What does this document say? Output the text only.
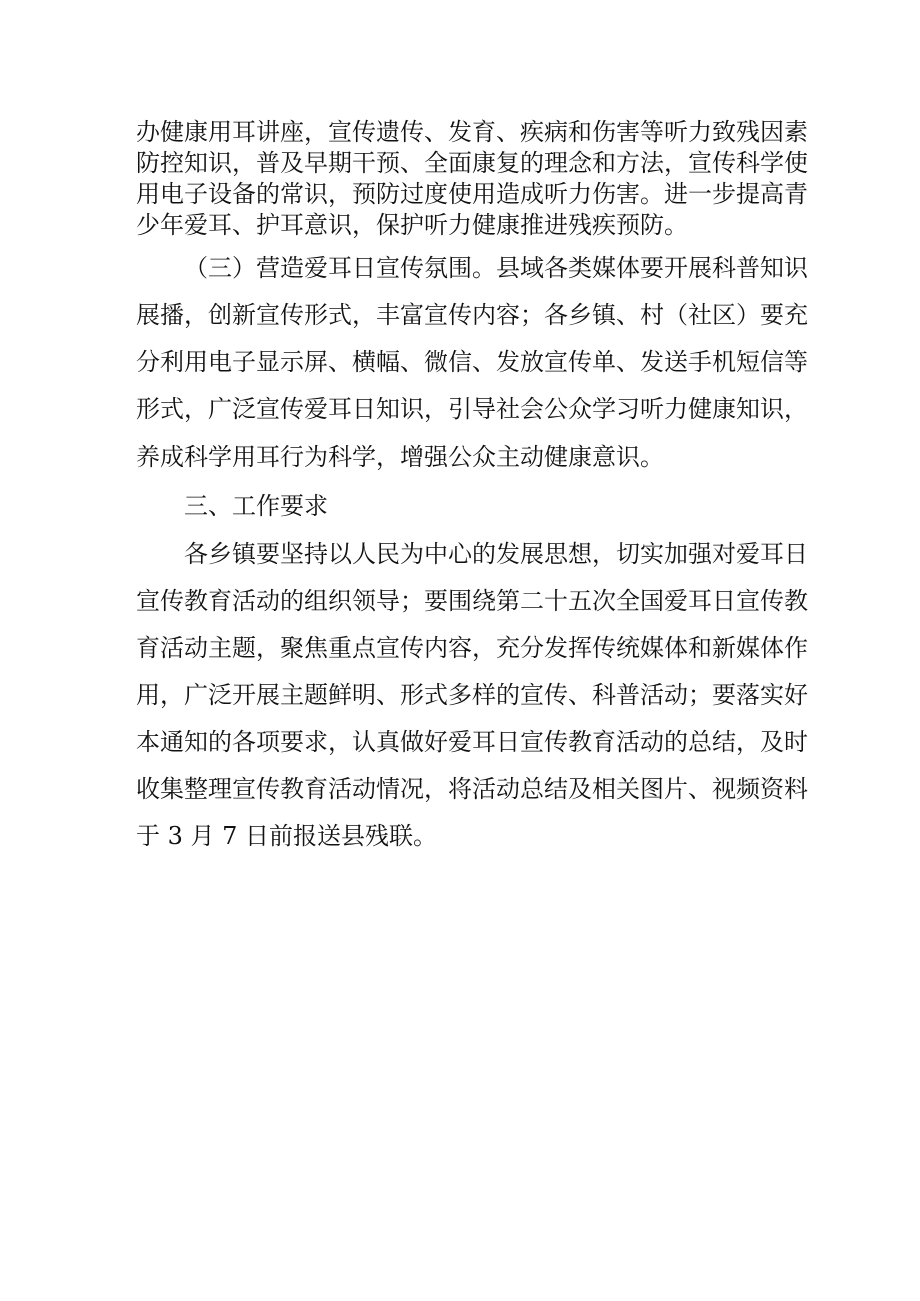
办健康用耳讲座，宣传遗传、发育、疾病和伤害等听力致残因素
防控知识，普及早期干预、全面康复的理念和方法，宣传科学使
用电子设备的常识，预防过度使用造成听力伤害。进一步提高青
少年爱耳、护耳意识，保护听力健康推进残疾预防。
（三）营造爱耳日宣传氛围。县域各类媒体要开展科普知识
展播，创新宣传形式，丰富宣传内容；各乡镇、村（社区）要充
分利用电子显示屏、横幅、微信、发放宣传单、发送手机短信等
形式，广泛宣传爱耳日知识，引导社会公众学习听力健康知识，
养成科学用耳行为科学，增强公众主动健康意识。
三、工作要求
各乡镇要坚持以人民为中心的发展思想，切实加强对爱耳日
宣传教育活动的组织领导；要围绕第二十五次全国爱耳日宣传教
育活动主题，聚焦重点宣传内容，充分发挥传统媒体和新媒体作
用，广泛开展主题鲜明、形式多样的宣传、科普活动；要落实好
本通知的各项要求，认真做好爱耳日宣传教育活动的总结，及时
收集整理宣传教育活动情况，将活动总结及相关图片、视频资料
于 3 月 7 日前报送县残联。
